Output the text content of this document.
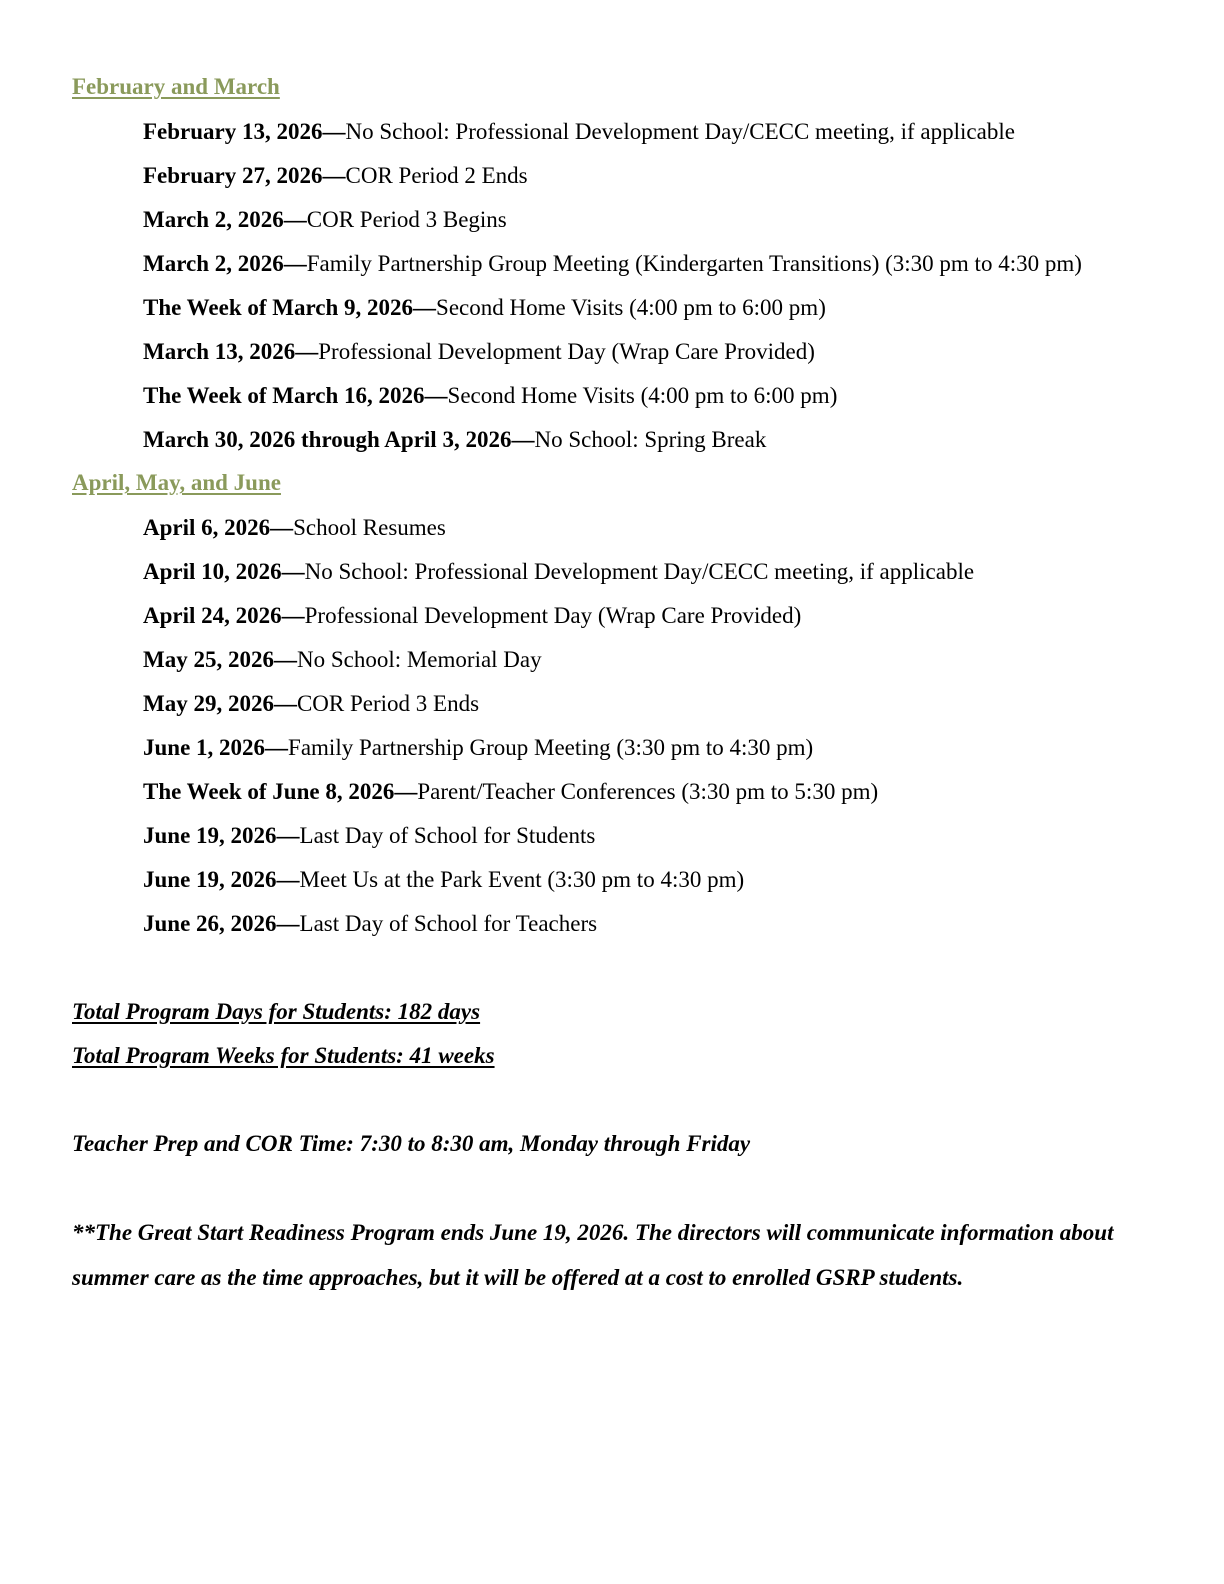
February and March
February 13, 2026—No School: Professional Development Day/CECC meeting, if applicable
February 27, 2026—COR Period 2 Ends
March 2, 2026—COR Period 3 Begins
March 2, 2026—Family Partnership Group Meeting (Kindergarten Transitions) (3:30 pm to 4:30 pm)
The Week of March 9, 2026—Second Home Visits (4:00 pm to 6:00 pm)
March 13, 2026—Professional Development Day (Wrap Care Provided)
The Week of March 16, 2026—Second Home Visits (4:00 pm to 6:00 pm)
March 30, 2026 through April 3, 2026—No School: Spring Break
April, May, and June
April 6, 2026—School Resumes
April 10, 2026—No School: Professional Development Day/CECC meeting, if applicable
April 24, 2026—Professional Development Day (Wrap Care Provided)
May 25, 2026—No School: Memorial Day
May 29, 2026—COR Period 3 Ends
June 1, 2026—Family Partnership Group Meeting (3:30 pm to 4:30 pm)
The Week of June 8, 2026—Parent/Teacher Conferences (3:30 pm to 5:30 pm)
June 19, 2026—Last Day of School for Students
June 19, 2026—Meet Us at the Park Event (3:30 pm to 4:30 pm)
June 26, 2026—Last Day of School for Teachers
Total Program Days for Students: 182 days
Total Program Weeks for Students: 41 weeks
Teacher Prep and COR Time: 7:30 to 8:30 am, Monday through Friday
**The Great Start Readiness Program ends June 19, 2026. The directors will communicate information about summer care as the time approaches, but it will be offered at a cost to enrolled GSRP students.
